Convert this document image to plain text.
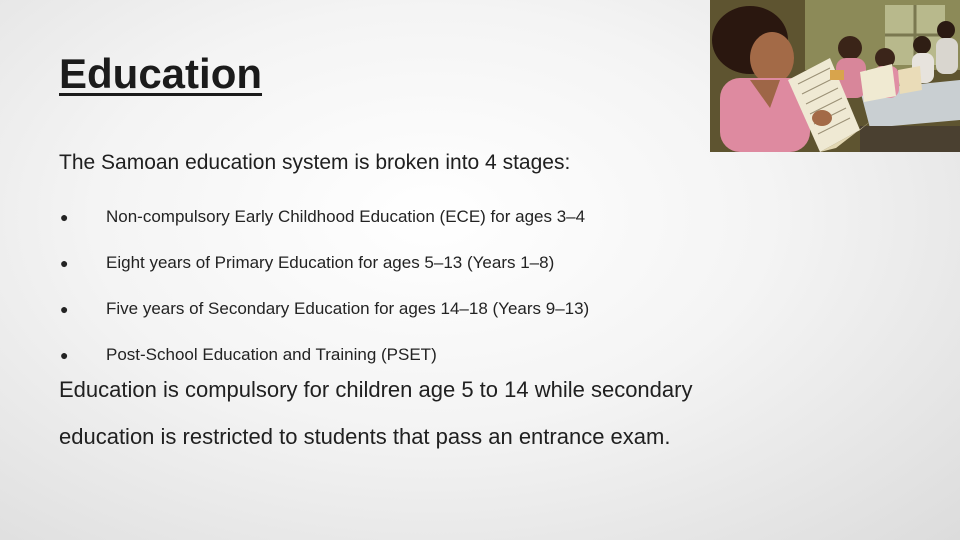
Education

The Samoan education system is broken into 4 stages:

●	Non-compulsory Early Childhood Education (ECE) for ages 3–4
●	Eight years of Primary Education for ages 5–13 (Years 1–8)
●	Five years of Secondary Education for ages 14–18 (Years 9–13)
●	Post-School Education and Training (PSET)
Education is compulsory for children age 5 to 14 while secondary
education is restricted to students that pass an entrance exam.
